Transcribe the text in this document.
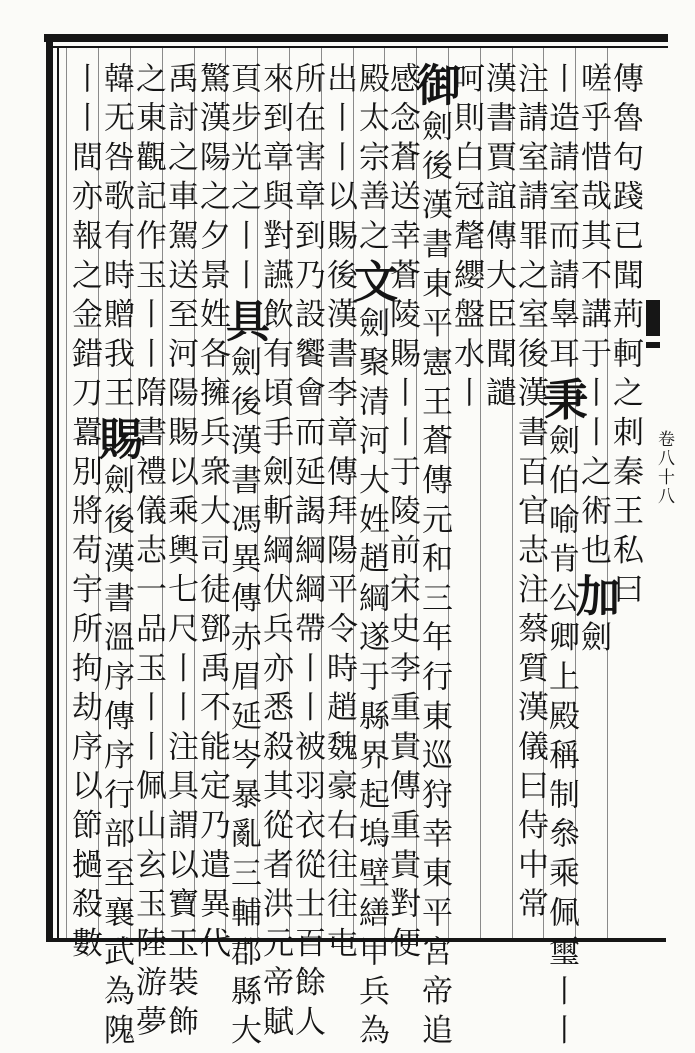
卷八十八
傳魯句踐已聞荊軻之刺秦王私曰
嗟乎惜哉其不講于丨丨之術也加劍
丨造請室而請辠耳秉劍伯喻肯公卿上殿稱制叅乘佩璽丨丨
注請室請罪之室後漢書百官志注蔡質漢儀曰侍中常
漢書賈誼傳大臣聞譴
呵則白冠氂纓盤水丨
御劍後漢書東平憲王蒼傳元和三年行東巡狩幸東平宮帝追
感念蒼送幸蒼陵賜丨丨于陵前宋史李重貴傳重貴對便
殿太宗善之文劍聚清河大姓趙綱遂于縣界起塢壁繕甲兵為
出丨丨以賜後漢書李章傳拜陽平令時趙魏豪右往往屯
所在害章到乃設饗會而延謁綱綱帶丨丨被羽衣從士百餘人
來到章與對讌飲有頃手劍斬綱伏兵亦悉殺其從者洪元帝賦
頁步光之丨丨具劍後漢書馮異傳赤眉延岑暴亂三輔郡縣大
驚漢陽之夕景姓各擁兵衆大司徒鄧禹不能定乃遣異代
禹討之車駕送至河陽賜以乘輿七尺丨丨注具謂以寶玉裝飾
之東觀記作玉丨丨隋書禮儀志一品玉丨丨佩山玄玉陸游夢
韓无咎歌有時贈我王賜劍後漢書溫序傳序行部至襄武為隗
丨丨間亦報之金錯刀囂別將苟宇所拘劫序以節撾殺數
